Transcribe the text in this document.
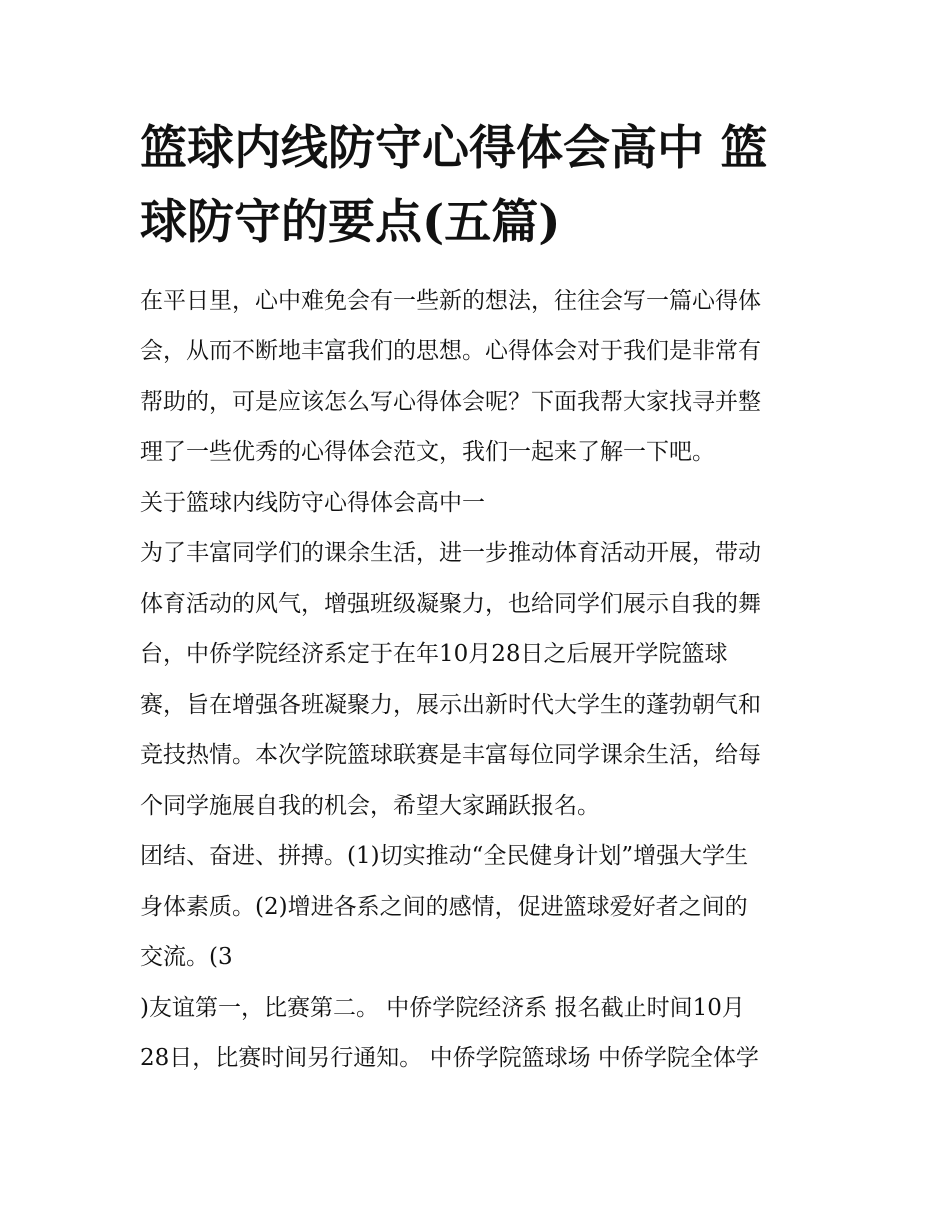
篮球内线防守心得体会高中 篮
球防守的要点(五篇)

在平日里，心中难免会有一些新的想法，往往会写一篇心得体

会，从而不断地丰富我们的思想。心得体会对于我们是非常有

帮助的，可是应该怎么写心得体会呢？下面我帮大家找寻并整

理了一些优秀的心得体会范文，我们一起来了解一下吧。

关于篮球内线防守心得体会高中一

为了丰富同学们的课余生活，进一步推动体育活动开展，带动

体育活动的风气，增强班级凝聚力，也给同学们展示自我的舞

台，中侨学院经济系定于在年10月28日之后展开学院篮球

赛，旨在增强各班凝聚力，展示出新时代大学生的蓬勃朝气和

竞技热情。本次学院篮球联赛是丰富每位同学课余生活，给每

个同学施展自我的机会，希望大家踊跃报名。

团结、奋进、拼搏。(1)切实推动“全民健身计划”增强大学生

身体素质。(2)增进各系之间的感情，促进篮球爱好者之间的

交流。(3

)友谊第一，比赛第二。 中侨学院经济系 报名截止时间10月

28日，比赛时间另行通知。 中侨学院篮球场 中侨学院全体学
